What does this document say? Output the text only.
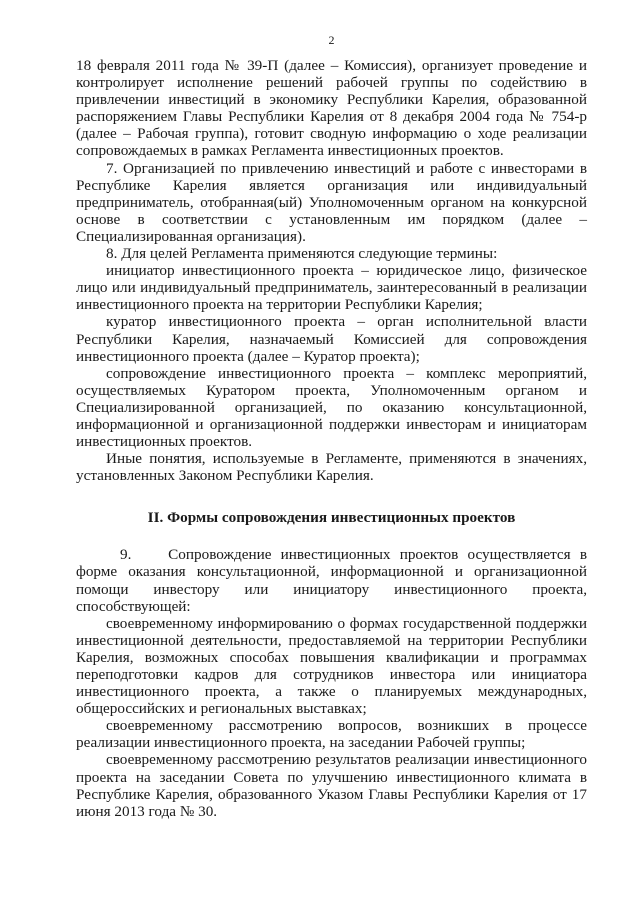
2

18 февраля 2011 года № 39-П (далее – Комиссия), организует проведение и контролирует исполнение решений рабочей группы по содействию в привлечении инвестиций в экономику Республики Карелия, образованной распоряжением Главы Республики Карелия от 8 декабря 2004 года № 754-р (далее – Рабочая группа), готовит сводную информацию о ходе реализации сопровождаемых в рамках Регламента инвестиционных проектов.

7. Организацией по привлечению инвестиций и работе с инвесторами в Республике Карелия является организация или индивидуальный предприниматель, отобранная(ый) Уполномоченным органом на конкурсной основе в соответствии с установленным им порядком (далее – Специализированная организация).

8. Для целей Регламента применяются следующие термины:

инициатор инвестиционного проекта – юридическое лицо, физическое лицо или индивидуальный предприниматель, заинтересованный в реализации инвестиционного проекта на территории Республики Карелия;

куратор инвестиционного проекта – орган исполнительной власти Республики Карелия, назначаемый Комиссией для сопровождения инвестиционного проекта (далее – Куратор проекта);

сопровождение инвестиционного проекта – комплекс мероприятий, осуществляемых Куратором проекта, Уполномоченным органом и Специализированной организацией, по оказанию консультационной, информационной и организационной поддержки инвесторам и инициаторам инвестиционных проектов.

Иные понятия, используемые в Регламенте, применяются в значениях, установленных Законом Республики Карелия.

II. Формы сопровождения инвестиционных проектов

9.    Сопровождение инвестиционных проектов осуществляется в форме оказания консультационной, информационной и организационной помощи инвестору или инициатору инвестиционного проекта, способствующей:

своевременному информированию о формах государственной поддержки инвестиционной деятельности, предоставляемой на территории Республики Карелия, возможных способах повышения квалификации и программах переподготовки кадров для сотрудников инвестора или инициатора инвестиционного проекта, а также о планируемых международных, общероссийских и региональных выставках;

своевременному рассмотрению вопросов, возникших в процессе реализации инвестиционного проекта, на заседании Рабочей группы;

своевременному рассмотрению результатов реализации инвестиционного проекта на заседании Совета по улучшению инвестиционного климата в Республике Карелия, образованного Указом Главы Республики Карелия от 17 июня 2013 года № 30.
